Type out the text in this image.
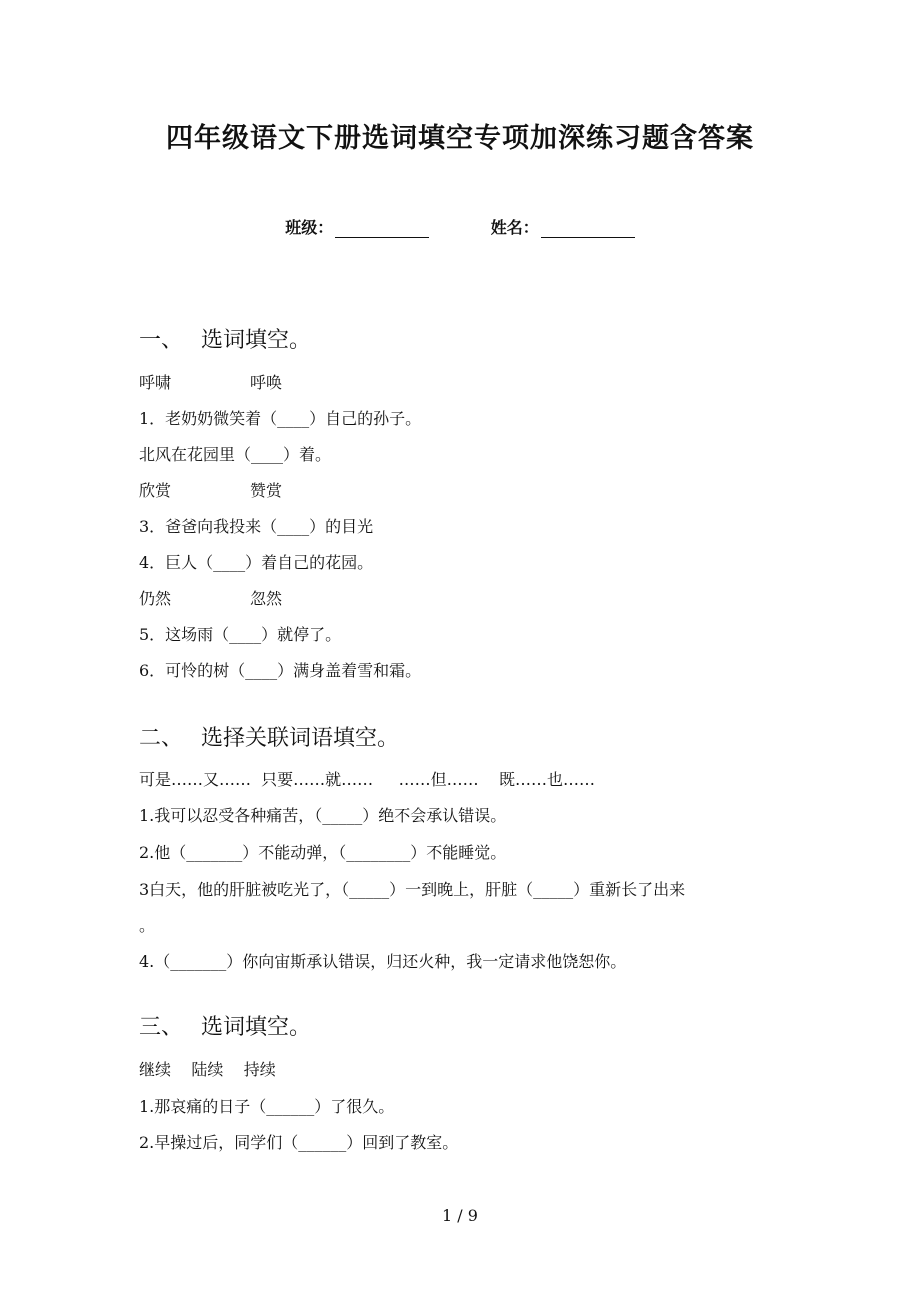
四年级语文下册选词填空专项加深练习题含答案
班级：	姓名：
一、 选词填空。
呼啸	呼唤
1．老奶奶微笑着（____）自己的孙子。
北风在花园里（____）着。
欣赏	赞赏
3．爸爸向我投来（____）的目光
4．巨人（____）着自己的花园。
仍然	忽然
5．这场雨（____）就停了。
6．可怜的树（____）满身盖着雪和霜。
二、 选择关联词语填空。
可是……又……  只要……就……     ……但……    既……也……
1.我可以忍受各种痛苦，（_____）绝不会承认错误。
2.他（_______）不能动弹，（________）不能睡觉。
3白天，他的肝脏被吃光了，（_____）一到晚上，肝脏（_____）重新长了出来
。
4.（_______）你向宙斯承认错误，归还火种，我一定请求他饶恕你。
三、 选词填空。
继续    陆续    持续
1.那哀痛的日子（______）了很久。
2.早操过后，同学们（______）回到了教室。
1 / 9
